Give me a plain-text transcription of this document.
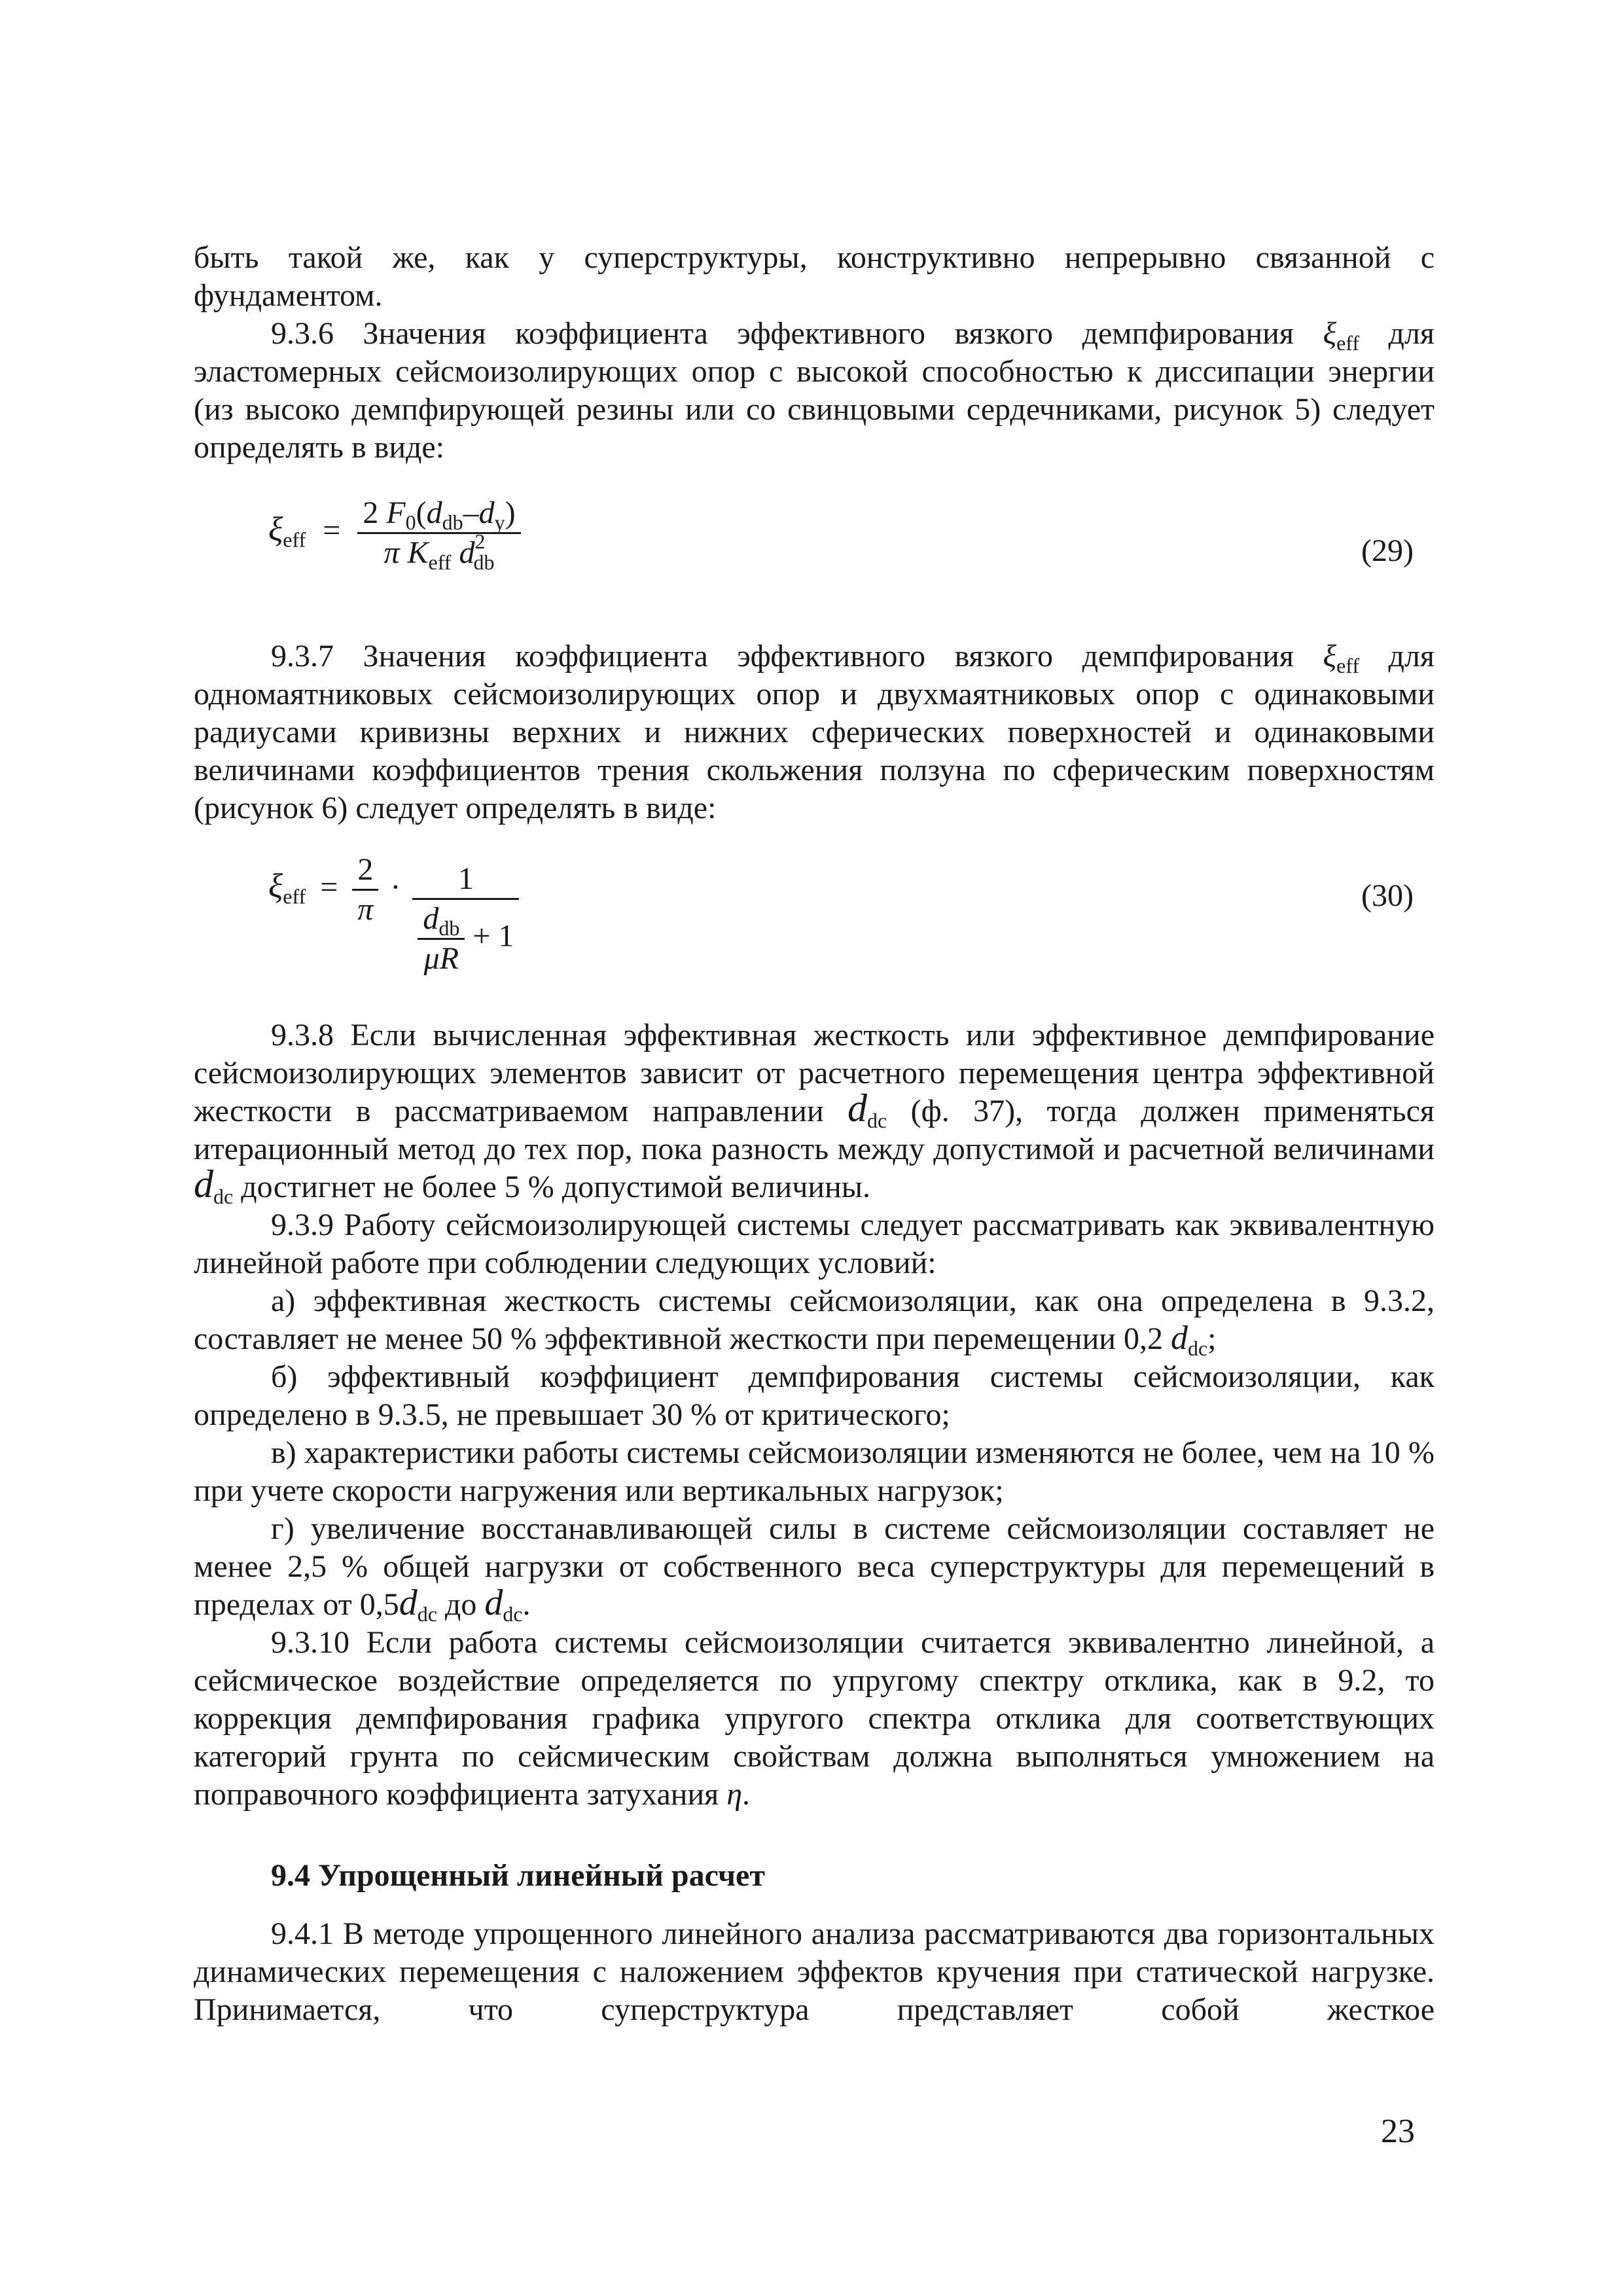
быть такой же, как у суперструктуры, конструктивно непрерывно связанной с

фундаментом.

9.3.6 Значения коэффициента эффективного вязкого демпфирования $\xi_{eff}$ для эластомерных сейсмоизолирующих опор с высокой способностью к диссипации энергии (из высоко демпфирующей резины или со свинцовыми сердечниками, рисунок 5) следует определять в виде:

$\xi_{eff} = \frac{2 F_0(d_{db}-d_y)}{\pi K_{eff} d^2_{db}}$	(29)

9.3.7 Значения коэффициента эффективного вязкого демпфирования $\xi_{eff}$ для одномаятниковых сейсмоизолирующих опор и двухмаятниковых опор с одинаковыми радиусами кривизны верхних и нижних сферических поверхностей и одинаковыми величинами коэффициентов трения скольжения ползуна по сферическим поверхностям (рисунок 6) следует определять в виде:

$\xi_{eff} = \frac{2}{\pi} \cdot \frac{1}{\frac{d_{db}}{\mu R} + 1}$	(30)

9.3.8 Если вычисленная эффективная жесткость или эффективное демпфирование сейсмоизолирующих элементов зависит от расчетного перемещения центра эффективной жесткости в рассматриваемом направлении $d_{dc}$ (ф. 37), тогда должен применяться итерационный метод до тех пор, пока разность между допустимой и расчетной величинами $d_{dc}$ достигнет не более 5 % допустимой величины.

9.3.9 Работу сейсмоизолирующей системы следует рассматривать как эквивалентную линейной работе при соблюдении следующих условий:

а) эффективная жесткость системы сейсмоизоляции, как она определена в 9.3.2, составляет не менее 50 % эффективной жесткости при перемещении 0,2 $d_{dc}$;

б) эффективный коэффициент демпфирования системы сейсмоизоляции, как определено в 9.3.5, не превышает 30 % от критического;

в) характеристики работы системы сейсмоизоляции изменяются не более, чем на 10 % при учете скорости нагружения или вертикальных нагрузок;

г) увеличение восстанавливающей силы в системе сейсмоизоляции составляет не менее 2,5 % общей нагрузки от собственного веса суперструктуры для перемещений в пределах от $0,5d_{dc}$ до $d_{dc}$.

9.3.10 Если работа системы сейсмоизоляции считается эквивалентно линейной, а сейсмическое воздействие определяется по упругому спектру отклика, как в 9.2, то коррекция демпфирования графика упругого спектра отклика для соответствующих категорий грунта по сейсмическим свойствам должна выполняться умножением на поправочного коэффициента затухания η.

9.4 Упрощенный линейный расчет

9.4.1 В методе упрощенного линейного анализа рассматриваются два горизонтальных динамических перемещения с наложением эффектов кручения при статической нагрузке. Принимается, что суперструктура представляет собой жесткое

23
